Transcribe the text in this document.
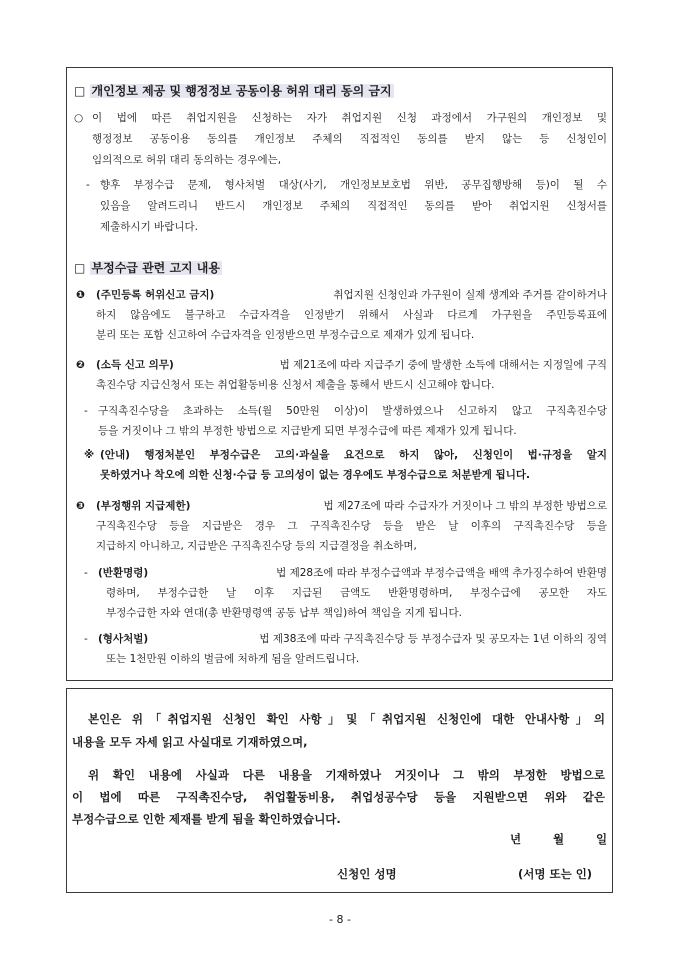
□ 개인정보 제공 및 행정정보 공동이용 허위 대리 동의 금지
○ 이 법에 따른 취업지원을 신청하는 자가 취업지원 신청 과정에서 가구원의 개인정보 및
행정정보 공동이용 동의를 개인정보 주체의 직접적인 동의를 받지 않는 등 신청인이
임의적으로 허위 대리 동의하는 경우에는,
- 향후 부정수급 문제, 형사처벌 대상(사기, 개인정보보호법 위반, 공무집행방해 등)이 될 수
있음을 알려드리니 반드시 개인정보 주체의 직접적인 동의를 받아 취업지원 신청서를
제출하시기 바랍니다.
□ 부정수급 관련 고지 내용
❶ (주민등록 허위신고 금지)	취업지원 신청인과 가구원이 실제 생계와 주거를 같이하거나
하지 않음에도 불구하고 수급자격을 인정받기 위해서 사실과 다르게 가구원을 주민등록표에
분리 또는 포함 신고하여 수급자격을 인정받으면 부정수급으로 제재가 있게 됩니다.
❷ (소득 신고 의무)	법 제21조에 따라 지급주기 중에 발생한 소득에 대해서는 지정일에 구직
촉진수당 지급신청서 또는 취업활동비용 신청서 제출을 통해서 반드시 신고해야 합니다.
- 구직촉진수당을 초과하는 소득(월 50만원 이상)이 발생하였으나 신고하지 않고 구직촉진수당
등을 거짓이나 그 밖의 부정한 방법으로 지급받게 되면 부정수급에 따른 제재가 있게 됩니다.
※ (안내) 행정처분인 부정수급은 고의·과실을 요건으로 하지 않아, 신청인이 법·규정을 알지
못하였거나 착오에 의한 신청·수급 등 고의성이 없는 경우에도 부정수급으로 처분받게 됩니다.
❸ (부정행위 지급제한)	법 제27조에 따라 수급자가 거짓이나 그 밖의 부정한 방법으로
구직촉진수당 등을 지급받은 경우 그 구직촉진수당 등을 받은 날 이후의 구직촉진수당 등을
지급하지 아니하고, 지급받은 구직촉진수당 등의 지급결정을 취소하며,
- (반환명령)	법 제28조에 따라 부정수급액과 부정수급액을 배액 추가징수하여 반환명
령하며, 부정수급한 날 이후 지급된 금액도 반환명령하며, 부정수급에 공모한 자도
부정수급한 자와 연대(총 반환명령액 공동 납부 책임)하여 책임을 지게 됩니다.
- (형사처벌)	법 제38조에 따라 구직촉진수당 등 부정수급자 및 공모자는 1년 이하의 징역
또는 1천만원 이하의 벌금에 처하게 됨을 알려드립니다.
본인은 위「취업지원 신청인 확인 사항」및「취업지원 신청인에 대한 안내사항」의
내용을 모두 자세 읽고 사실대로 기재하였으며,
위 확인 내용에 사실과 다른 내용을 기재하였나 거짓이나 그 밖의 부정한 방법으로
이 법에 따른 구직촉진수당, 취업활동비용, 취업성공수당 등을 지원받으면 위와 같은
부정수급으로 인한 제재를 받게 됨을 확인하였습니다.
년	월	일
신청인 성명	(서명 또는 인)
- 8 -
